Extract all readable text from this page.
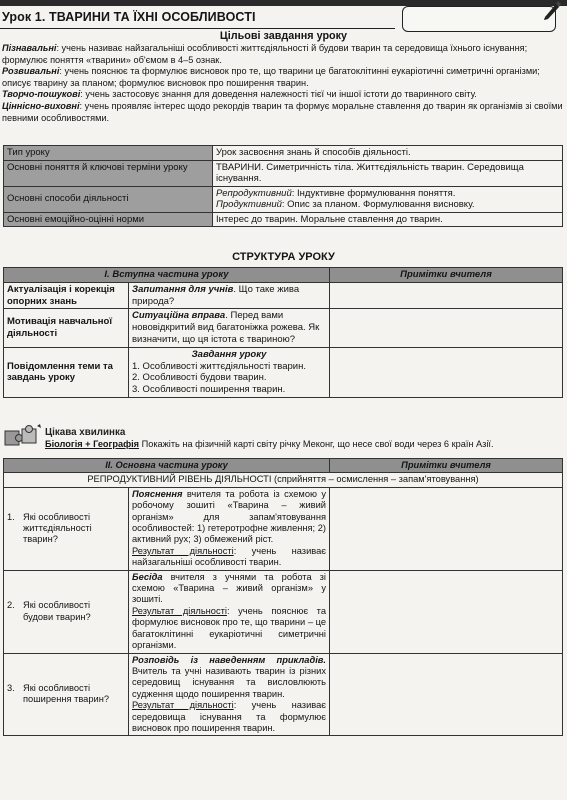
Урок 1. ТВАРИНИ ТА ЇХНІ ОСОБЛИВОСТІ
Цільові завдання уроку

Пізнавальні: учень називає найзагальніші особливості життєдіяльності й будови тварин та середовища їхнього існування; формулює поняття «тварини» об'ємом в 4–5 ознак.

Розвивальні: учень пояснює та формулює висновок про те, що тварини це багатоклітинні еукаріотичні симетричні організми; описує тварину за планом; формулює висновок про поширення тварин.

Творчо-пошукові: учень застосовує знання для доведення належності тієї чи іншої істоти до тваринного світу.

Ціннісно-виховні: учень проявляє інтерес щодо рекордів тварин та формує моральне ставлення до тварин як організмів зі своїми певними особливостями.

Тип уроку	Урок засвоєння знань й способів діяльності.
Основні поняття й ключові терміни уроку	ТВАРИНИ. Симетричність тіла. Життєдіяльність тварин. Середовища існування.
Основні способи діяльності	Репродуктивний: Індуктивне формулювання поняття.
Продуктивний: Опис за планом. Формулювання висновку.

Основні емоційно-оцінні норми	Інтерес до тварин. Моральне ставлення до тварин.
СТРУКТУРА УРОКУ
I. Вступна частина уроку		Примітки вчителя
Актуалізація і корекція опорних знань	Запитання для учнів. Що таке жива природа?	
Мотивація навчальної діяльності	Ситуаційна вправа. Перед вами нововідкритий вид багатоніжка рожева. Як визначити, що ця істота є твариною?	
Повідомлення теми та завдань уроку	Завдання уроку
1. Особливості життєдіяльності тварин.
2. Особливості будови тварин.
3. Особливості поширення тварин.	

Цікава хвилинка
Біологія + Географія Покажіть на фізичній карті світу річку Меконг, що несе свої води через 6 країн Азії.
II. Основна частина уроку		Примітки вчителя
РЕПРОДУКТИВНИЙ РІВЕНЬ ДІЯЛЬНОСТІ (сприйняття – осмислення – запам'ятовування)		
1. Які особливості життєдіяльності тварин?	Пояснення вчителя та робота із схемою у робочому зошиті «Тварина – живий організм» для запам'ятовування особливостей: 1) гетеротрофне живлення; 2) активний рух; 3) обмежений ріст.
Результат діяльності: учень називає найзагальніші особливості тварин.	

2. Які особливості будови тварин?	Бесіда вчителя з учнями та робота зі схемою «Тварина – живий організм» у зошиті.
Результат діяльності: учень пояснює та формулює висновок про те, що тварини – це багатоклітинні еукаріотичні симетричні організми.	

3. Які особливості поширення тварин?	Розповідь із наведенням прикладів. Вчитель та учні називають тварин із різних середовищ існування та висловлюють судження щодо поширення тварин.
Результат діяльності: учень називає середовища існування та формулює висновок про поширення тварин.	
